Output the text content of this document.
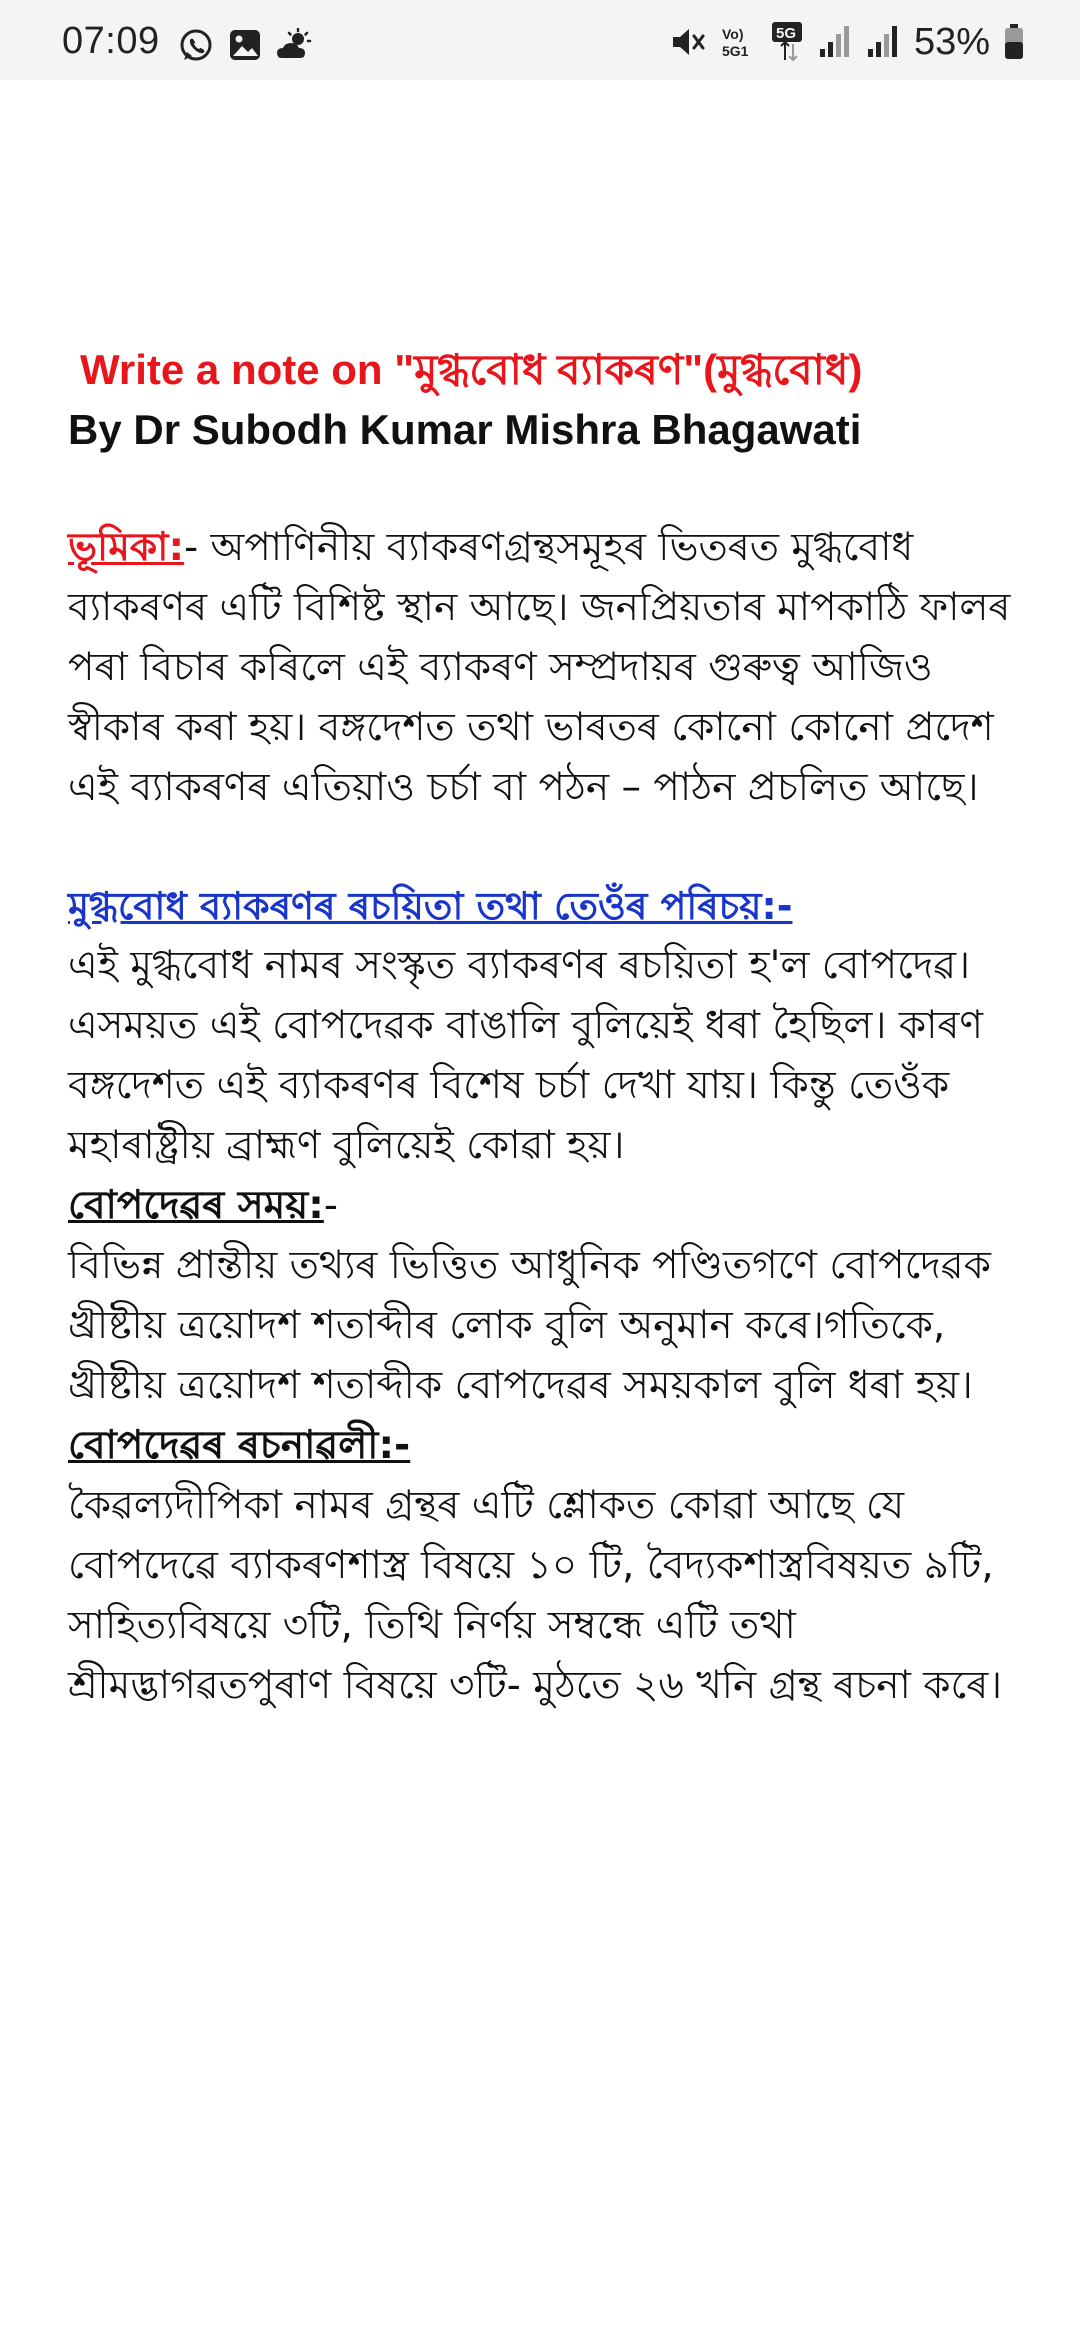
07:09	Vo)
5G1
5G	53%
Write a note on "মুগ্ধবোধ ব্যাকৰণ"(মুগ্ধবোধ)
By Dr Subodh Kumar Mishra Bhagawati

ভূমিকা:- অপাণিনীয় ব্যাকৰণগ্ৰন্থসমূহৰ ভিতৰত মুগ্ধবোধ ব্যাকৰণৰ এটি বিশিষ্ট স্থান আছে। জনপ্ৰিয়তাৰ মাপকাঠি ফালৰ পৰা বিচাৰ কৰিলে এই ব্যাকৰণ সম্প্ৰদায়ৰ গুৰুত্ব আজিও স্বীকাৰ কৰা হয়। বঙ্গদেশত তথা ভাৰতৰ কোনো কোনো প্ৰদেশ এই ব্যাকৰণৰ এতিয়াও চৰ্চা বা পঠন – পাঠন প্ৰচলিত আছে।

মুগ্ধবোধ ব্যাকৰণৰ ৰচয়িতা তথা তেওঁৰ পৰিচয়:-

এই মুগ্ধবোধ নামৰ সংস্কৃত ব্যাকৰণৰ ৰচয়িতা হ'ল বোপদেৱ। এসময়ত এই বোপদেৱক বাঙালি বুলিয়েই ধৰা হৈছিল। কাৰণ বঙ্গদেশত এই ব্যাকৰণৰ বিশেষ চৰ্চা দেখা যায়। কিন্তু তেওঁক মহাৰাষ্ট্ৰীয় ব্ৰাহ্মণ বুলিয়েই কোৱা হয়।

বোপদেৱৰ সময়:-

বিভিন্ন প্ৰান্তীয় তথ্যৰ ভিত্তিত আধুনিক পণ্ডিতগণে বোপদেৱক খ্ৰীষ্টীয় ত্ৰয়োদশ শতাব্দীৰ লোক বুলি অনুমান কৰে।গতিকে, খ্ৰীষ্টীয় ত্ৰয়োদশ শতাব্দীক বোপদেৱৰ সময়কাল বুলি ধৰা হয়।

বোপদেৱৰ ৰচনাৱলী:-

কৈৱল্যদীপিকা নামৰ গ্ৰন্থৰ এটি শ্লোকত কোৱা আছে যে বোপদেৱে ব্যাকৰণশাস্ত্ৰ বিষয়ে ১০ টি, বৈদ্যকশাস্ত্ৰবিষয়ত ৯টি, সাহিত্যবিষয়ে ৩টি, তিথি নিৰ্ণয় সম্বন্ধে এটি তথা শ্ৰীমদ্ভাগৱতপুৰাণ বিষয়ে ৩টি- মুঠতে ২৬ খনি গ্ৰন্থ ৰচনা কৰে।
